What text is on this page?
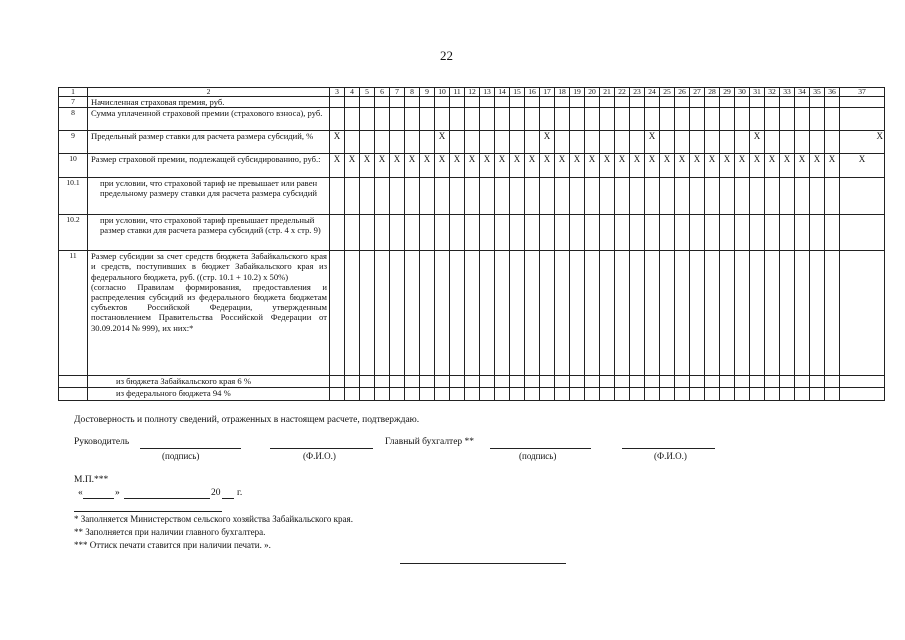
22
1	2	3	4	5	6	7	8	9	10	11	12	13	14	15	16	17	18	19	20	21	22	23	24	25	26	27	28	29	30	31	32	33	34	35	36	37
7	Начисленная страховая премия, руб.																																			
8	Сумма уплаченной страховой премии (страхового взноса), руб.																																			
9	Предельный размер ставки для расчета размера субсидий, %	X							X							X							X							X						X
10	Размер страховой премии, подлежащей субсидированию, руб.:	X	X	X	X	X	X	X	X	X	X	X	X	X	X	X	X	X	X	X	X	X	X	X	X	X	X	X	X	X	X	X	X	X	X	X
10.1	при условии, что страховой тариф не превышает или равен предельному размеру ставки для расчета размера субсидий																																			
10.2	при условии, что страховой тариф превышает предельный размер ставки для расчета размера субсидий (стр. 4 х стр. 9)																																			
11	Размер субсидии за счет средств бюджета Забайкальского края и средств, поступивших в бюджет Забайкальского края из федерального бюджета, руб. ((стр. 10.1 + 10.2) x 50%)
(согласно Правилам формирования, предоставления и распределения субсидий из федерального бюджета бюджетам субъектов Российской Федерации, утвержденным постановлением Правительства Российской Федерации от 30.09.2014 № 999), их них:*																																			

	из бюджета Забайкальского края 6 %																																			
	из федерального бюджета 94 %																																			
Достоверность и полноту сведений, отраженных в настоящем расчете, подтверждаю.
Руководитель	Главный бухгалтер **
(подпись)	(Ф.И.О.)	(подпись)	(Ф.И.О.)
М.П.***
«	»	20 г.
* Заполняется Министерством сельского хозяйства Забайкальского края.
** Заполняется при наличии главного бухгалтера.
*** Оттиск печати ставится при наличии печати. ».
